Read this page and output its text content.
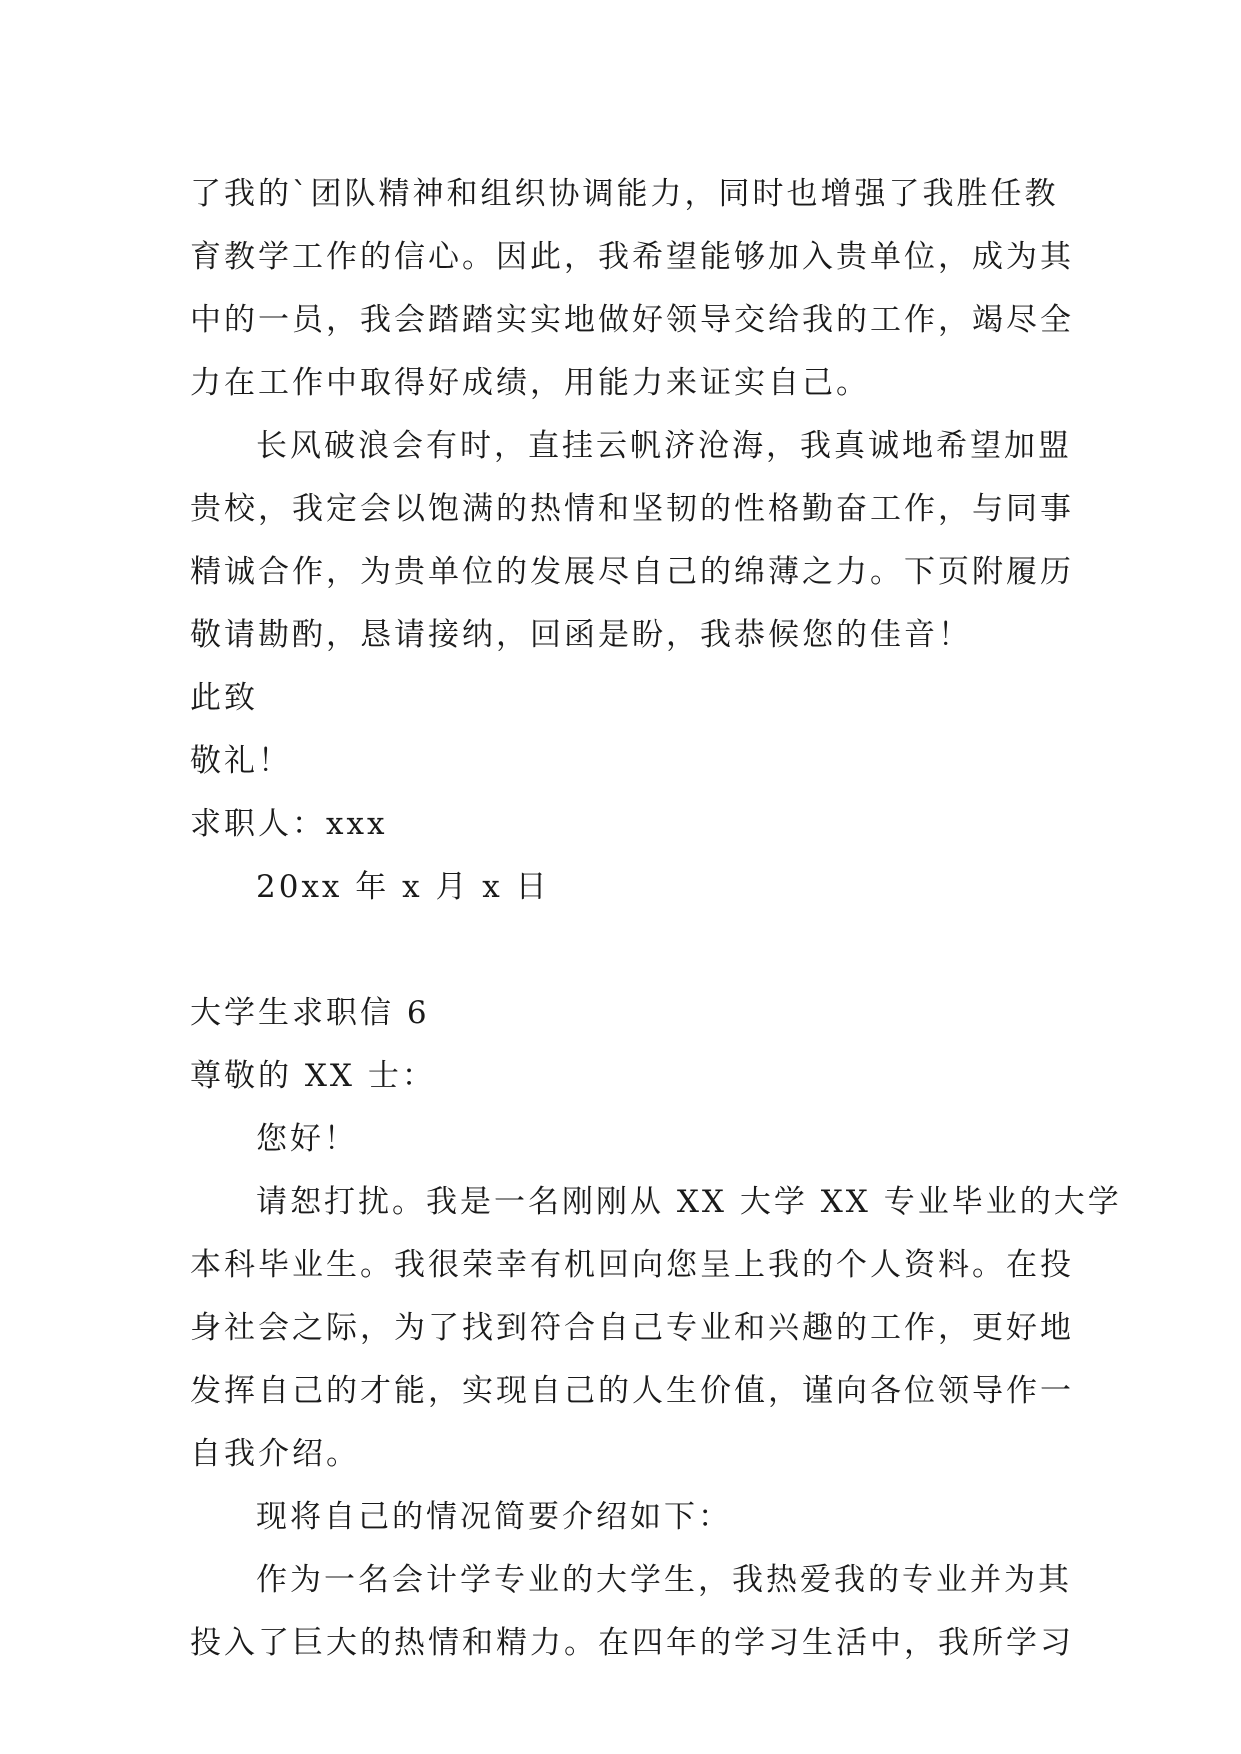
了我的`团队精神和组织协调能力，同时也增强了我胜任教
育教学工作的信心。因此，我希望能够加入贵单位，成为其
中的一员，我会踏踏实实地做好领导交给我的工作，竭尽全
力在工作中取得好成绩，用能力来证实自己。
长风破浪会有时，直挂云帆济沧海，我真诚地希望加盟
贵校，我定会以饱满的热情和坚韧的性格勤奋工作，与同事
精诚合作，为贵单位的发展尽自己的绵薄之力。下页附履历
敬请勘酌，恳请接纳，回函是盼，我恭候您的佳音！
此致
敬礼！
求职人：xxx
20xx 年 x 月 x 日
大学生求职信 6
尊敬的 XX 士：
您好！
请恕打扰。我是一名刚刚从 XX 大学 XX 专业毕业的大学
本科毕业生。我很荣幸有机回向您呈上我的个人资料。在投
身社会之际，为了找到符合自己专业和兴趣的工作，更好地
发挥自己的才能，实现自己的人生价值，谨向各位领导作一
自我介绍。
现将自己的情况简要介绍如下：
作为一名会计学专业的大学生，我热爱我的专业并为其
投入了巨大的热情和精力。在四年的学习生活中，我所学习
